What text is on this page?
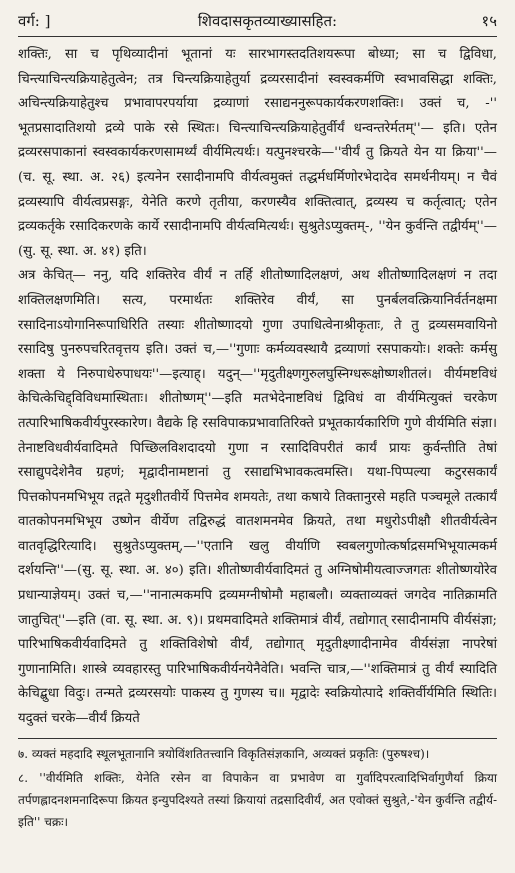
वर्ग: ]	शिवदासकृतव्याख्यासहित:	१५

शक्तिः, सा च पृथिव्यादीनां भूतानां यः सारभागस्तदतिशयरूपा बोध्या; सा च द्विविधा, चिन्त्याचिन्त्यक्रियाहेतुत्वेन; तत्र चिन्त्यक्रियाहेतुर्या द्रव्यरसादीनां स्वस्वकर्मणि स्वभावसिद्धा शक्तिः, अचिन्त्यक्रियाहेतुश्च प्रभावापरपर्याया द्रव्याणां रसाद्यननुरूपकार्यकरणशक्तिः। उक्तं च, -'' भूतप्रसादातिशयो द्रव्ये पाके रसे स्थितः। चिन्त्याचिन्त्यक्रियाहेतुर्वीर्यं धन्वन्तरेर्मतम्''— इति। एतेन द्रव्यरसपाकानां स्वस्वकार्यकरणसामर्थ्यं वीर्यमित्यर्थः। यत्पुनश्चरके—''वीर्यं तु क्रियते येन या क्रिया''—(च. सू. स्था. अ. २६) इत्यनेन रसादीनामपि वीर्यत्वमुक्तं तद्धर्मधर्मिणोरभेदादेव समर्थनीयम्। न चैवं द्रव्यस्यापि वीर्यत्वप्रसङ्गः, येनेति करणे तृतीया, करणस्यैव शक्तित्वात्, द्रव्यस्य च कर्तृत्वात्; एतेन द्रव्यकर्तृके रसादिकरणके कार्ये रसादीनामपि वीर्यत्वमित्यर्थः। सुश्रुतेऽप्युक्तम्-, ''येन कुर्वन्ति तद्वीर्यम्''—(सु. सू. स्था. अ. ४१) इति।

अत्र केचित्— ननु, यदि शक्तिरेव वीर्यं न तर्हि शीतोष्णादिलक्षणं, अथ शीतोष्णादिलक्षणं न तदा शक्तिलक्षणमिति। सत्य, परमार्थतः शक्तिरेव वीर्यं, सा पुनर्बलवत्क्रियानिर्वर्तनक्षमा रसादिनाऽयोगानिरूपाधिरिति तस्याः शीतोष्णादयो गुणा उपाधित्वेनाश्रीकृताः, ते तु द्रव्यसमवायिनो रसादिषु पुनरुपचरितवृत्तय इति। उक्तं च,—''गुणाः कर्मव्यवस्थायै द्रव्याणां रसपाकयोः। शक्तेः कर्मसु शक्ता ये निरुपाधेरुपाधयः''—इत्याह्। यदुन्—''मृदुतीक्ष्णगुरुलघुस्निग्धरूक्षोष्णशीतलं। वीर्यमष्टविधं केचित्केचिद्द्विविधमास्थिताः। शीतोष्णम्''—इति मतभेदेनाष्टविधं द्विविधं वा वीर्यमित्युक्तं चरकेण तत्पारिभाषिकवीर्यपुरस्कारेण। वैद्यके हि रसविपाकप्रभावातिरिक्ते प्रभूतकार्यकारिणि गुणे वीर्यमिति संज्ञा। तेनाष्टविधवीर्यवादिमते पिच्छिलविशदादयो गुणा न रसादिविपरीतं कार्यं प्रायः कुर्वन्तीति तेषां रसाद्युपदेशेनैव ग्रहणं; मृद्वादीनामष्टानां तु रसाद्यभिभावकत्वमस्ति। यथा-पिप्पल्या कटुरसकार्यं पित्तकोपनमभिभूय तद्गते मृदुशीतवीर्ये पित्तमेव शमयतेः, तथा कषाये तिक्तानुरसे महति पञ्चमूले तत्कार्यं वातकोपनमभिभूय उष्णेन वीर्येण तद्विरुद्धं वातशमनमेव क्रियते, तथा मधुरोऽपीक्षौ शीतवीर्यत्वेन वातवृद्धिरित्यादि। सुश्रुतेऽप्युक्तम्,—''एतानि खलु वीर्याणि स्वबलगुणोत्कर्षाद्रसमभिभूयात्मकर्म दर्शयन्ति''—(सु. सू. स्था. अ. ४०) इति। शीतोष्णवीर्यवादिमतं तु अग्निषोमीयत्वाज्जगतः शीतोष्णयोरेव प्रधान्याज्ञेयम्। उक्तं च,—''नानात्मकमपि द्रव्यमग्नीषोमौ महाबलौ। व्यक्ताव्यक्तं जगदेव नातिक्रामति जातुचित्''—इति (वा. सू. स्था. अ. ९)। प्रथमवादिमते शक्तिमात्रं वीर्यं, तद्योगात् रसादीनामपि वीर्यसंज्ञा; पारिभाषिकवीर्यवादिमते तु शक्तिविशेषो वीर्यं, तद्योगात् मृदुतीक्ष्णादीनामेव वीर्यसंज्ञा नापरेषां गुणानामिति। शास्त्रे व्यवहारस्तु पारिभाषिकवीर्यनयेनैवेति। भवन्ति चात्र,—''शक्तिमात्रं तु वीर्यं स्यादिति केचिद्बुधा विदुः। तन्मते द्रव्यरसयोः पाकस्य तु गुणस्य च॥ मृद्वादेः स्वक्रियोत्पादे शक्तिर्वीर्यमिति स्थितिः। यदुक्तं चरके—वीर्यं क्रियते

७. व्यक्तं महदादि स्थूलभूतानानि त्रयोविंशतितत्त्वानि विकृतिसंज्ञकानि, अव्यक्तं प्रकृतिः (पुरुषश्च)।

८. ''वीर्यमिति शक्तिः, येनेति रसेन वा विपाकेन वा प्रभावेण वा गुर्वादिपरत्वादिभिर्वागुणैर्या क्रिया तर्पणह्लादनशमनादिरूपा क्रियत इन्युपदिश्यते तस्यां क्रियायां तद्रसादिवीर्यं, अत एवोक्तं सुश्रुते,-'येन कुर्वन्ति तद्वीर्य-इति'' चक्रः।
